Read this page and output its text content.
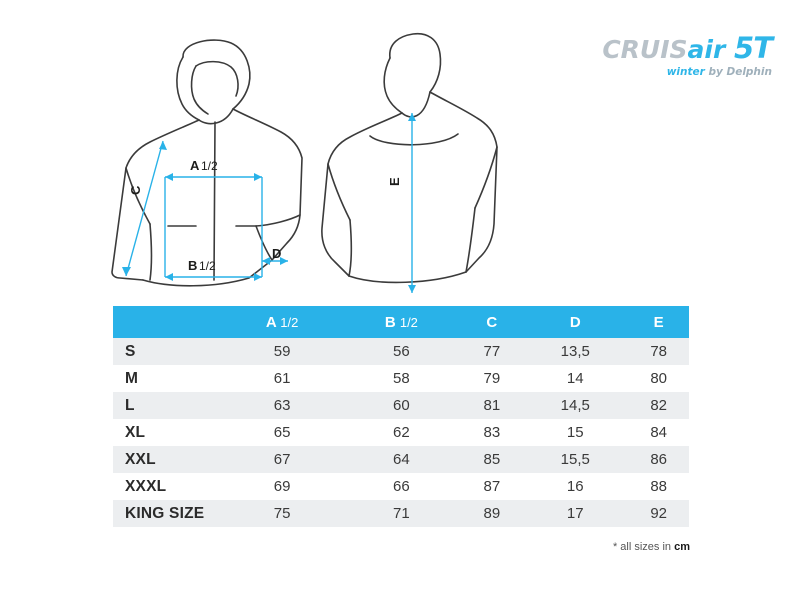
CRUISair 5T
winter by Delphin
A 1/2
B 1/2
C
D
E
	A 1/2	B 1/2	C	D	E
S	59	56	77	13,5	78
M	61	58	79	14	80
L	63	60	81	14,5	82
XL	65	62	83	15	84
XXL	67	64	85	15,5	86
XXXL	69	66	87	16	88
KING SIZE	75	71	89	17	92
* all sizes in cm
